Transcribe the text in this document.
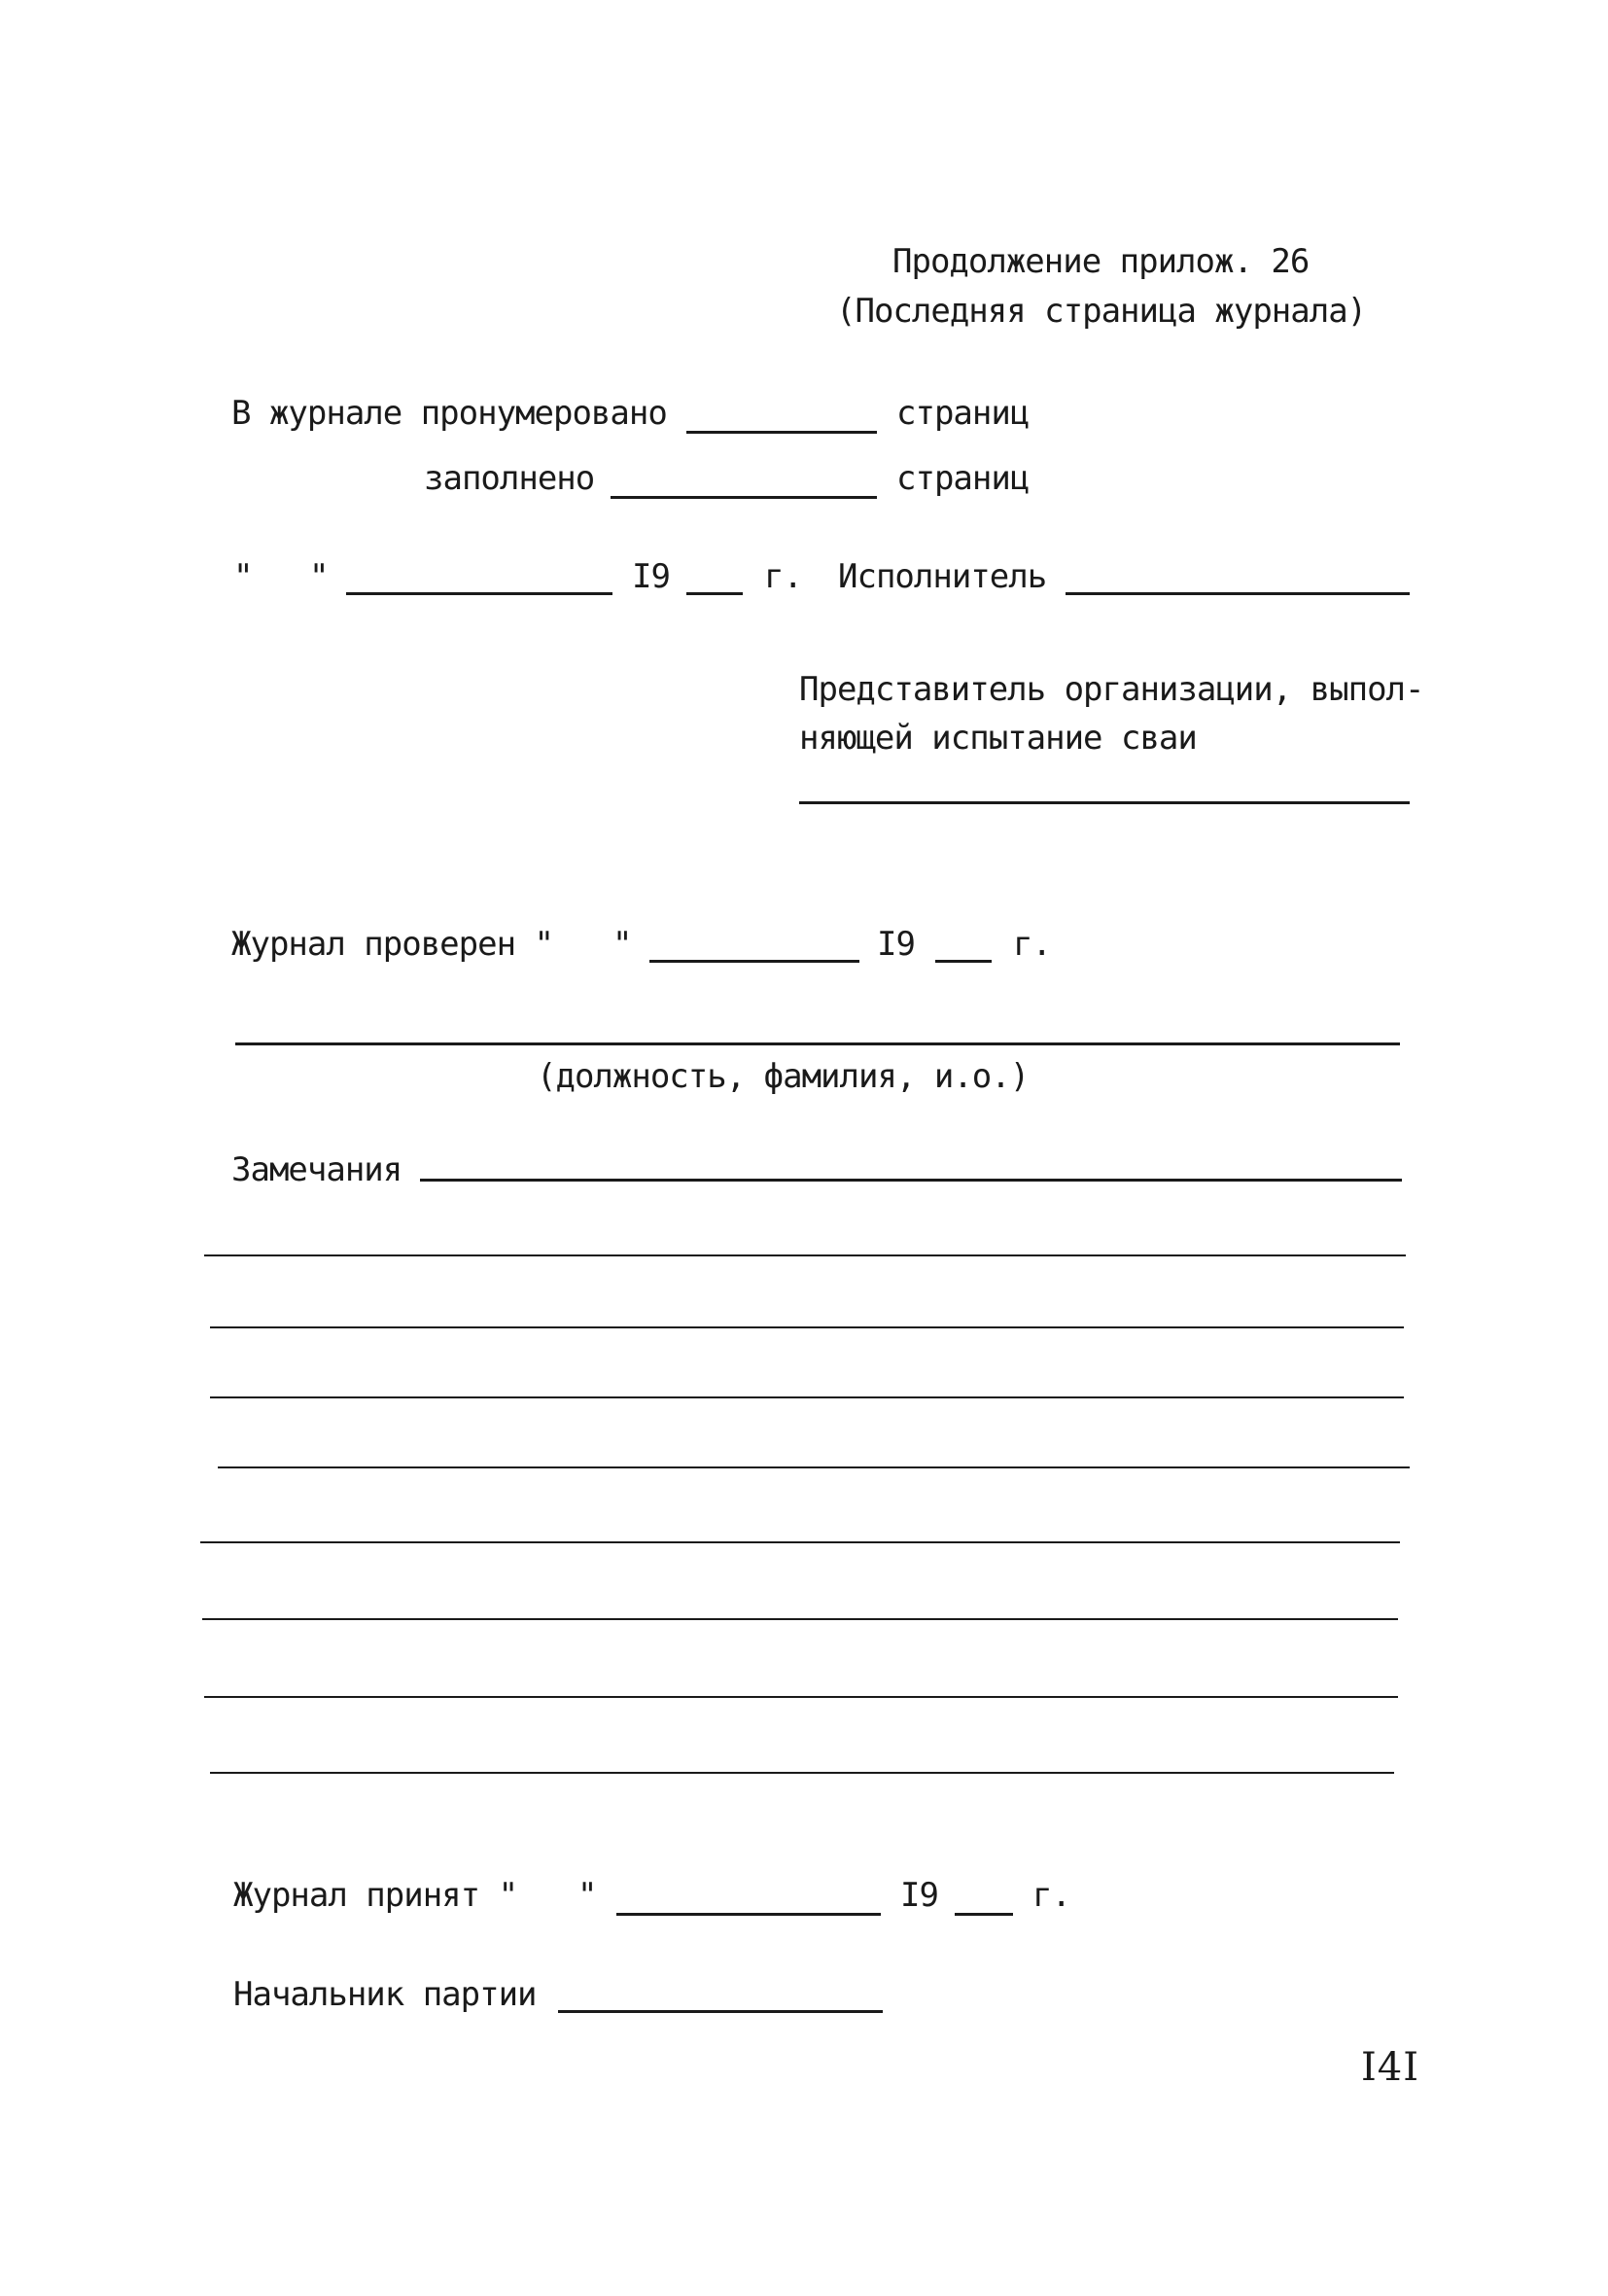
Продолжение прилож. 26
(Последняя страница журнала)
В журнале пронумеровано	страниц
заполнено	страниц
" "	I9	г. Исполнитель
Представитель организации, выпол-
няющей испытание сваи
Журнал проверен " "	I9	г.
(должность, фамилия, и.о.)
Замечания
Журнал принят " "	I9	г.
Начальник партии
I4I
